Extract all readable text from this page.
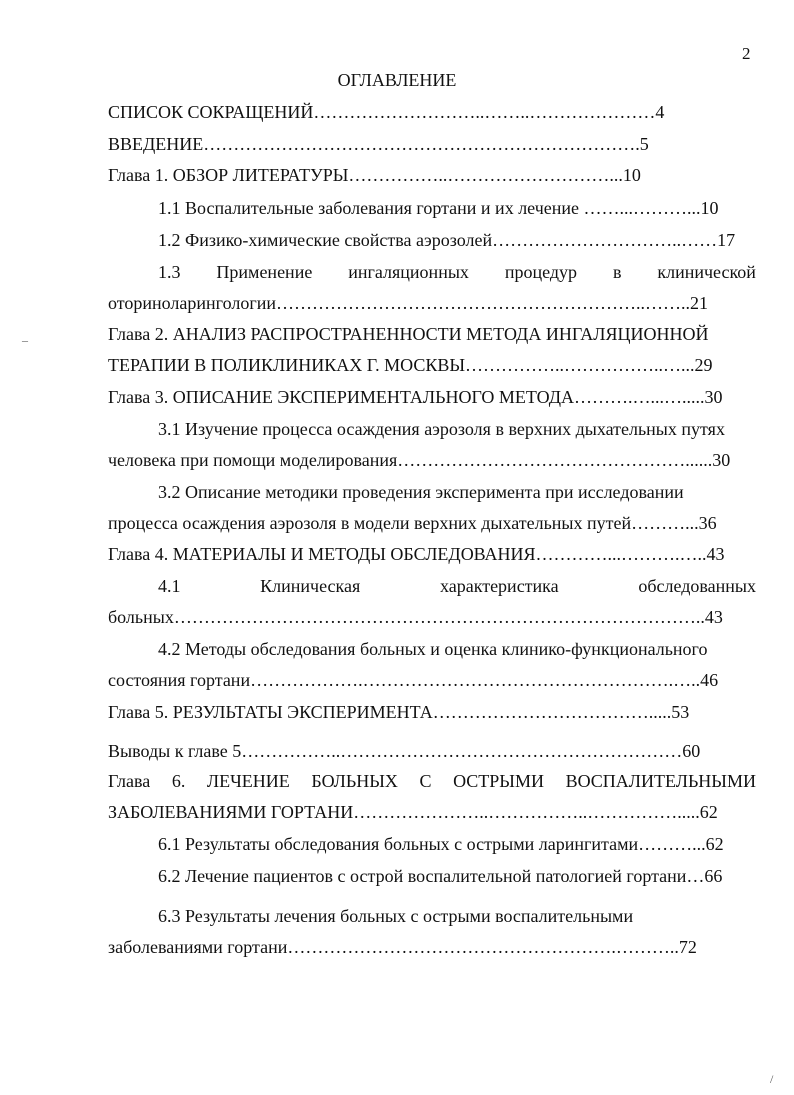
2
ОГЛАВЛЕНИЕ
СПИСОК СОКРАЩЕНИЙ………………………..……..…………………4
ВВЕДЕНИЕ……………………………………………………………….5
Глава 1. ОБЗОР ЛИТЕРАТУРЫ……………..………………………...10
1.1 Воспалительные заболевания гортани и их лечение ……...………...10
1.2 Физико-химические свойства аэрозолей…………………………..……17
1.3 Применение ингаляционных процедур в клинической
оториноларингологии……………………………………………………..……..21
Глава 2. АНАЛИЗ РАСПРОСТРАНЕННОСТИ МЕТОДА ИНГАЛЯЦИОННОЙ
ТЕРАПИИ В ПОЛИКЛИНИКАХ Г. МОСКВЫ……………..……………..…...29
Глава 3. ОПИСАНИЕ ЭКСПЕРИМЕНТАЛЬНОГО МЕТОДА……….…...….....30
3.1 Изучение процесса осаждения аэрозоля в верхних дыхательных путях
человека при помощи моделирования…………………………………………......30
3.2 Описание методики проведения эксперимента при исследовании
процесса осаждения аэрозоля в модели верхних дыхательных путей………...36
Глава 4. МАТЕРИАЛЫ И МЕТОДЫ ОБСЛЕДОВАНИЯ…………...……….…..43
4.1	Клиническая	характеристика	обследованных
больных……………………………………………………………………………..43
4.2 Методы обследования больных и оценка клинико-функционального
состояния гортани……………….…………………………………………….…..46
Глава 5. РЕЗУЛЬТАТЫ ЭКСПЕРИМЕНТА……………………………….....53
Выводы к главе 5……………..…………………………………………………60
Глава 6. ЛЕЧЕНИЕ БОЛЬНЫХ С ОСТРЫМИ ВОСПАЛИТЕЛЬНЫМИ
ЗАБОЛЕВАНИЯМИ ГОРТАНИ…………………..……………..…………….....62
6.1 Результаты обследования больных с острыми ларингитами………...62
6.2 Лечение пациентов с острой воспалительной патологией гортани…66
6.3 Результаты лечения больных с острыми воспалительными
заболеваниями гортани……………………………………………….………..72
–
/
